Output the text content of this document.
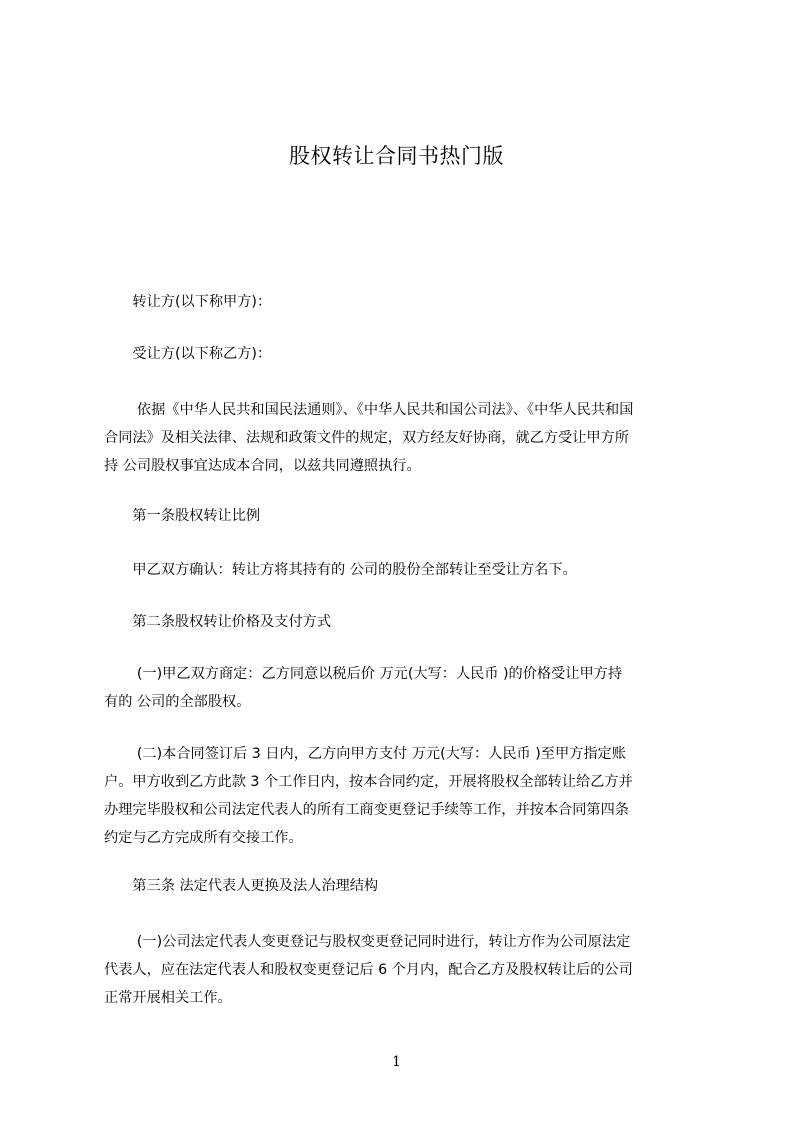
股权转让合同书热门版
　　转让方(以下称甲方)：
　　受让方(以下称乙方)：
　　 依据《中华人民共和国民法通则》、《中华人民共和国公司法》、《中华人民共和国
合同法》及相关法律、法规和政策文件的规定，双方经友好协商，就乙方受让甲方所
持 公司股权事宜达成本合同，以兹共同遵照执行。
　　第一条股权转让比例
　　甲乙双方确认：转让方将其持有的 公司的股份全部转让至受让方名下。
　　第二条股权转让价格及支付方式
　　 (一)甲乙双方商定：乙方同意以税后价 万元(大写：人民币 )的价格受让甲方持
有的 公司的全部股权。
　　 (二)本合同签订后 3 日内，乙方向甲方支付 万元(大写：人民币 )至甲方指定账
户。甲方收到乙方此款 3 个工作日内，按本合同约定，开展将股权全部转让给乙方并
办理完毕股权和公司法定代表人的所有工商变更登记手续等工作，并按本合同第四条
约定与乙方完成所有交接工作。
　　第三条 法定代表人更换及法人治理结构
　　 (一)公司法定代表人变更登记与股权变更登记同时进行，转让方作为公司原法定
代表人，应在法定代表人和股权变更登记后 6 个月内，配合乙方及股权转让后的公司
正常开展相关工作。
1
